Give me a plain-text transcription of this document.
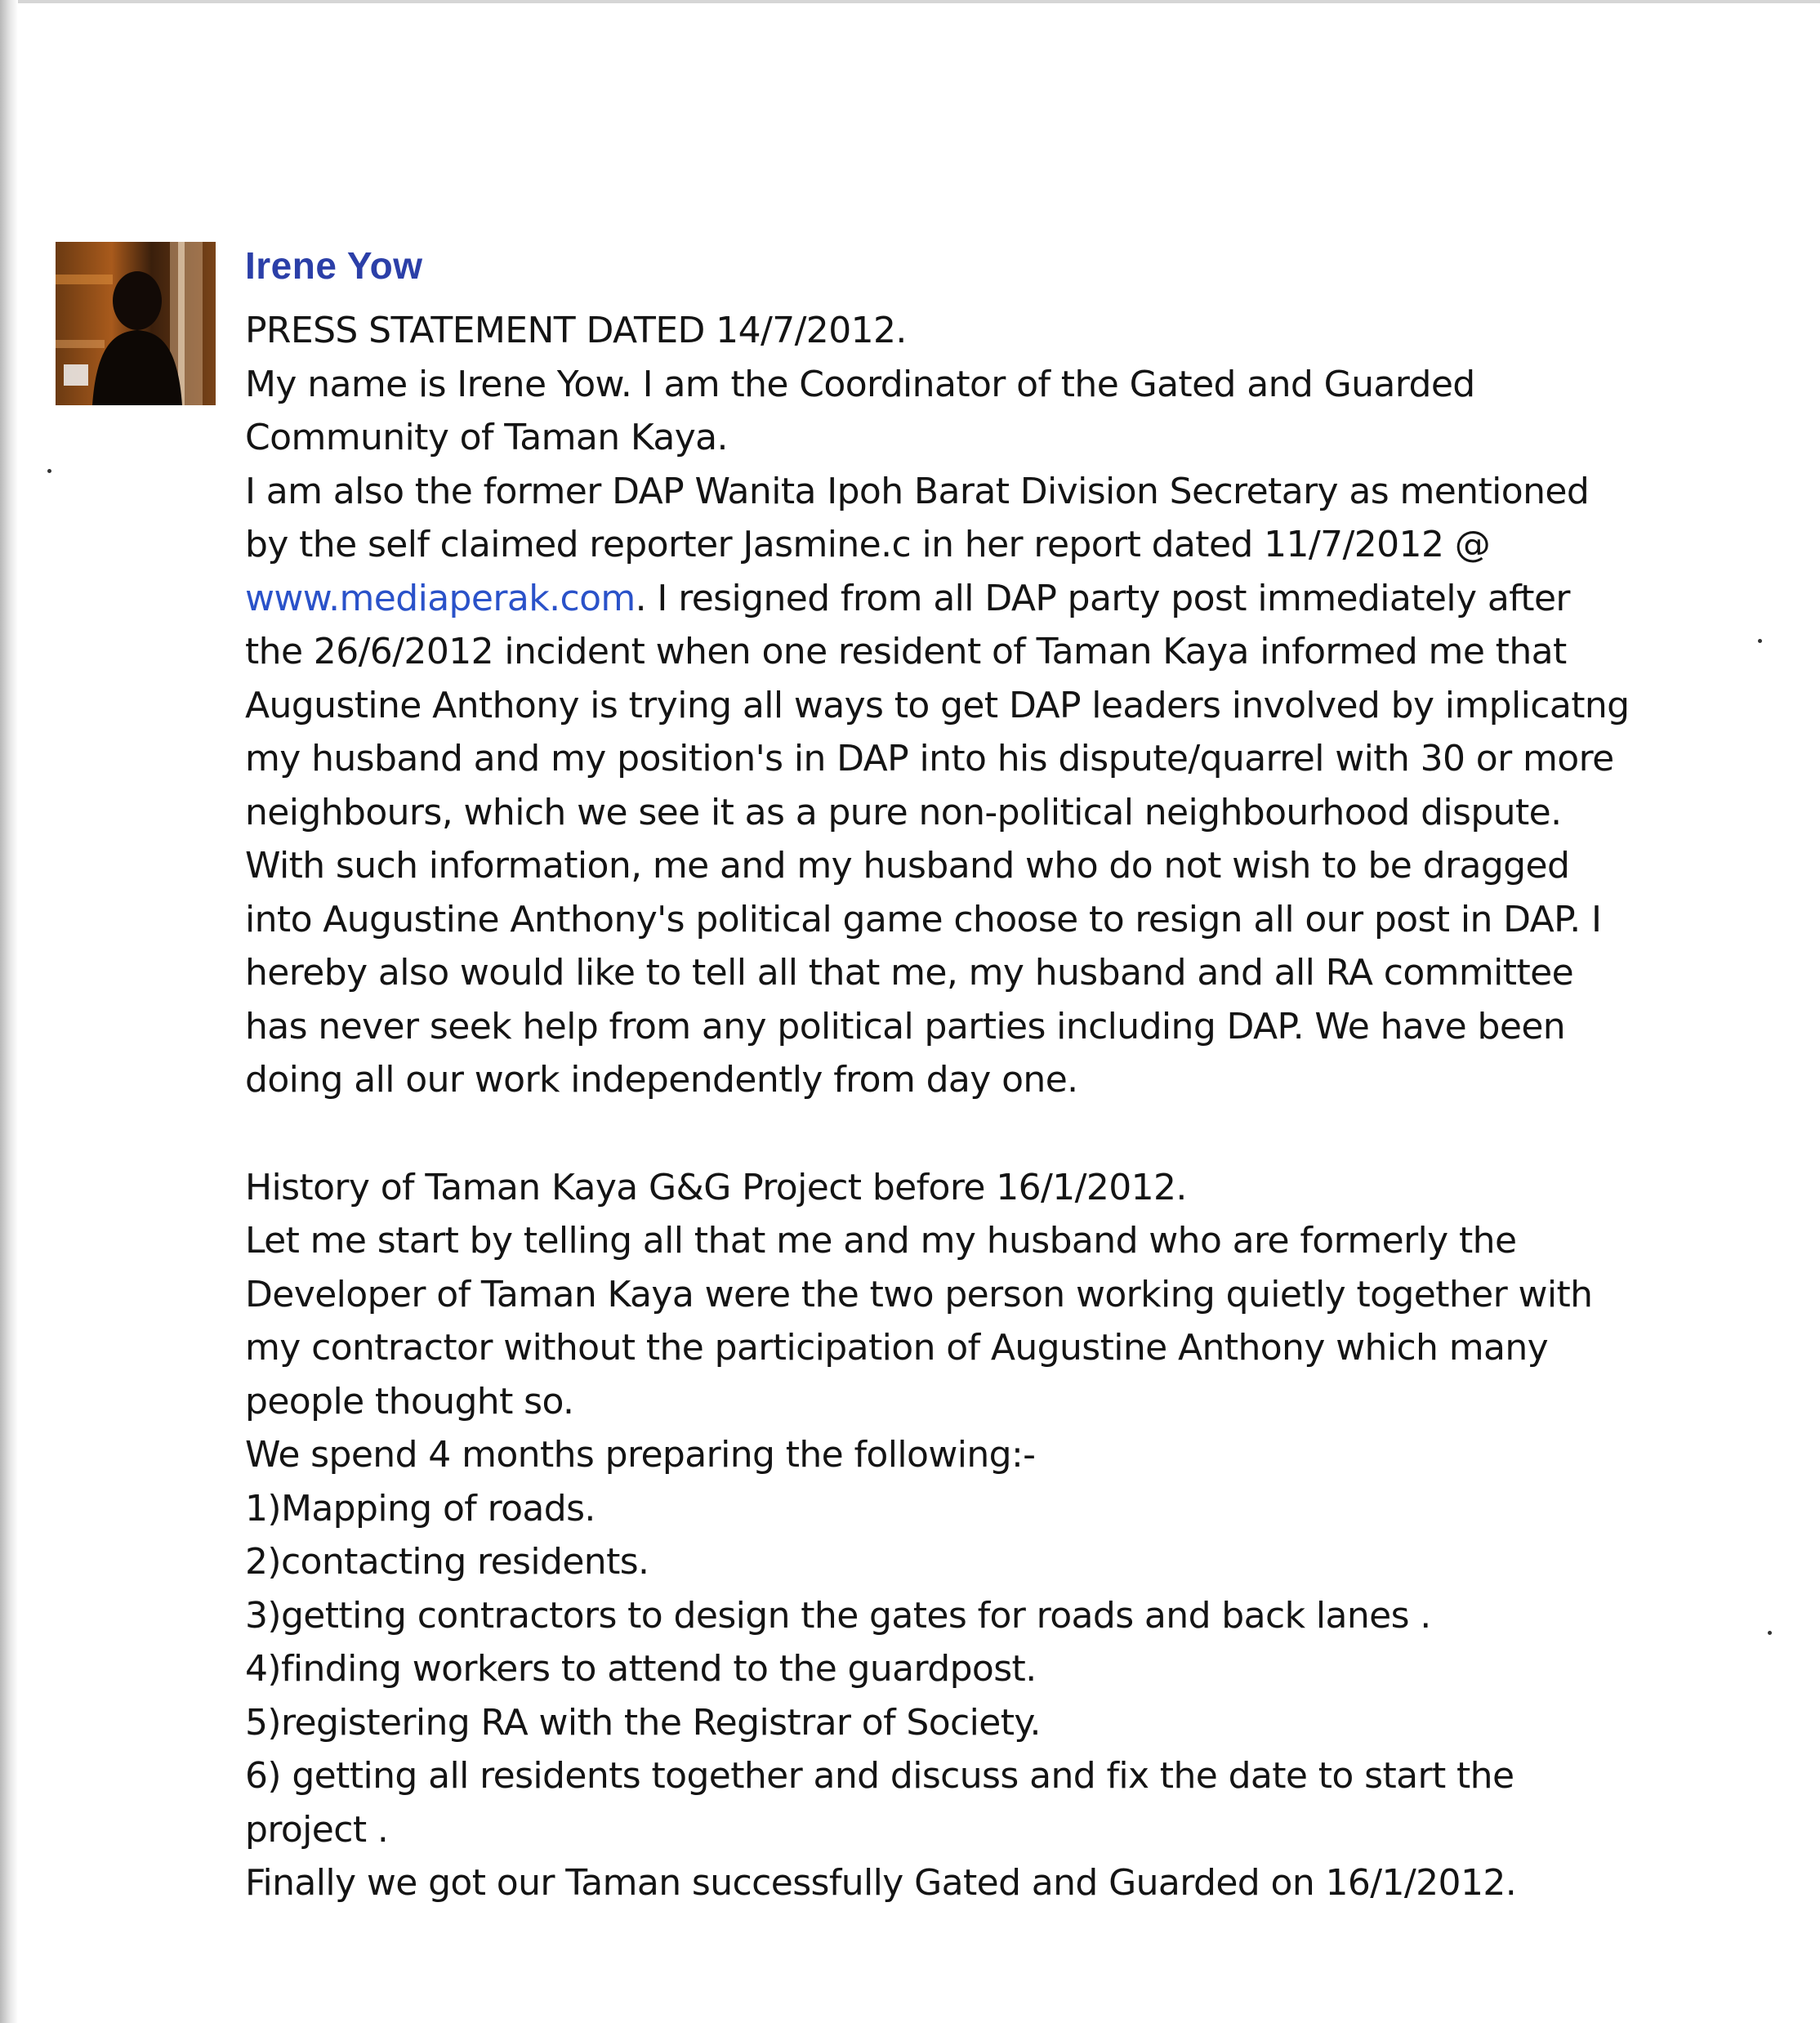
Irene Yow

PRESS STATEMENT DATED 14/7/2012.

My name is Irene Yow. I am the Coordinator of the Gated and Guarded

Community of Taman Kaya.

I am also the former DAP Wanita Ipoh Barat Division Secretary as mentioned by the self claimed reporter Jasmine.c in her report dated 11/7/2012 @ www.mediaperak.com. I resigned from all DAP party post immediately after the 26/6/2012 incident when one resident of Taman Kaya informed me that Augustine Anthony is trying all ways to get DAP leaders involved by implicatng my husband and my position's in DAP into his dispute/quarrel with 30 or more neighbours, which we see it as a pure non-political neighbourhood dispute. With such information, me and my husband who do not wish to be dragged into Augustine Anthony's political game choose to resign all our post in DAP. I hereby also would like to tell all that me, my husband and all RA committee has never seek help from any political parties including DAP. We have been doing all our work independently from day one.

History of Taman Kaya G&G Project before 16/1/2012.

Let me start by telling all that me and my husband who are formerly the Developer of Taman Kaya were the two person working quietly together with my contractor without the participation of Augustine Anthony which many people thought so.

We spend 4 months preparing the following:-

1)Mapping of roads.
2)contacting residents.
3)getting contractors to design the gates for roads and back lanes .
4)finding workers to attend to the guardpost.
5)registering RA with the Registrar of Society.
6) getting all residents together and discuss and fix the date to start the project .

Finally we got our Taman successfully Gated and Guarded on 16/1/2012.
